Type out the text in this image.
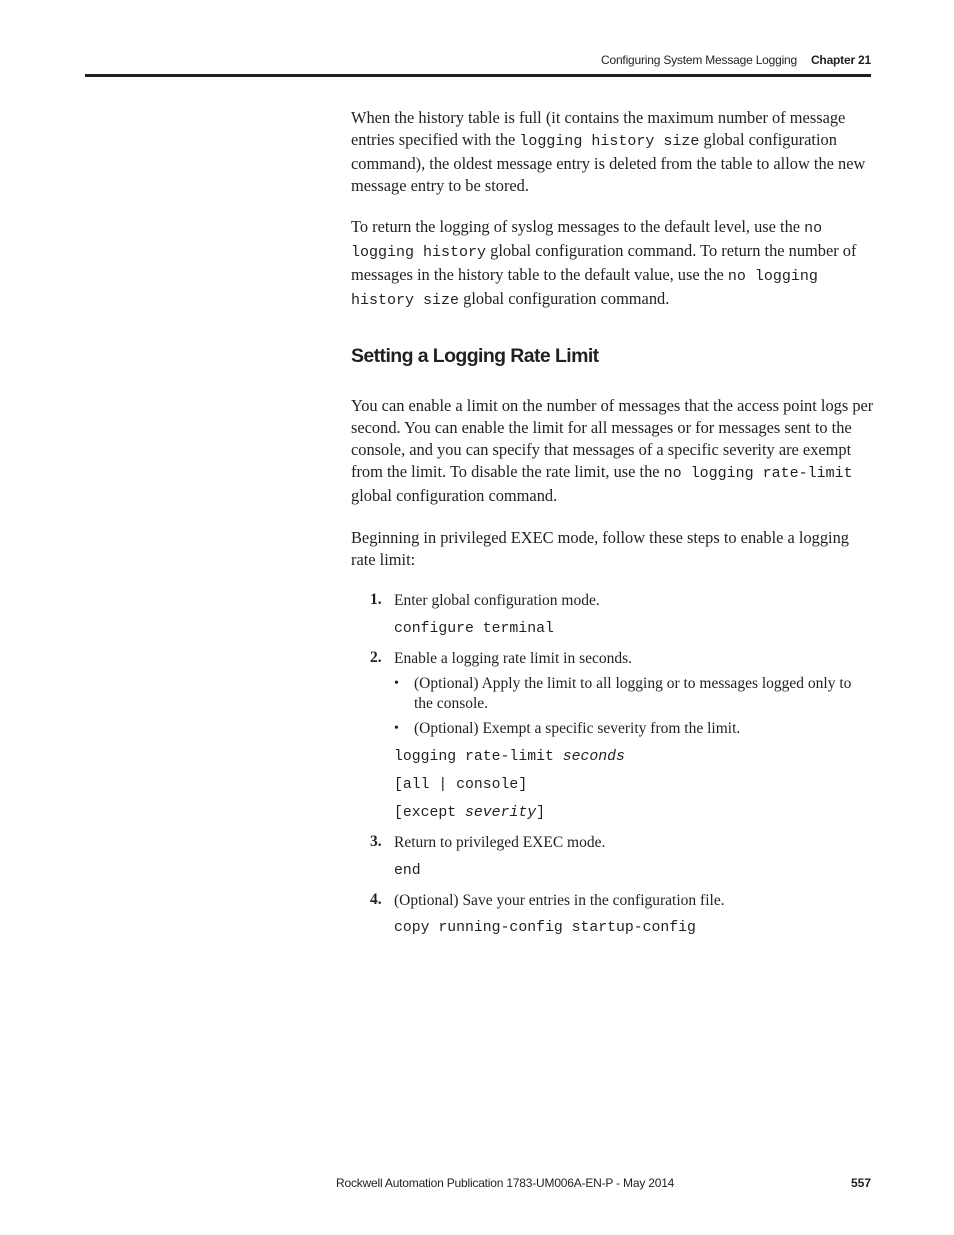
Configuring System Message Logging Chapter 21

When the history table is full (it contains the maximum number of message entries specified with the logging history size global configuration command), the oldest message entry is deleted from the table to allow the new message entry to be stored.

To return the logging of syslog messages to the default level, use the no logging history global configuration command. To return the number of messages in the history table to the default value, use the no logging history size global configuration command.

Setting a Logging Rate Limit

You can enable a limit on the number of messages that the access point logs per second. You can enable the limit for all messages or for messages sent to the console, and you can specify that messages of a specific severity are exempt from the limit. To disable the rate limit, use the no logging rate-limit global configuration command.

Beginning in privileged EXEC mode, follow these steps to enable a logging rate limit:

1. Enter global configuration mode.
configure terminal
2. Enable a logging rate limit in seconds.
• (Optional) Apply the limit to all logging or to messages logged only to the console.
• (Optional) Exempt a specific severity from the limit.
logging rate-limit seconds
[all | console]
[except severity]
3. Return to privileged EXEC mode.
end
4. (Optional) Save your entries in the configuration file.
copy running-config startup-config
Rockwell Automation Publication 1783-UM006A-EN-P - May 2014	557
